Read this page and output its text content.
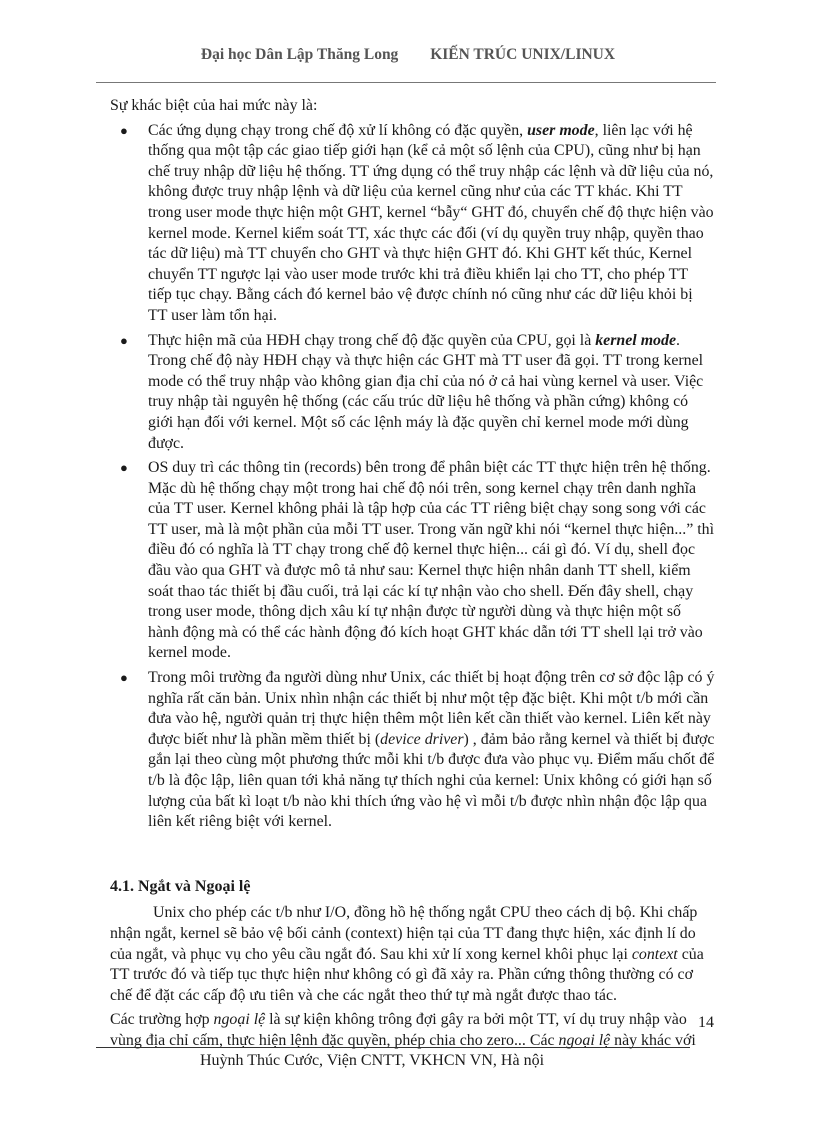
Đại học Dân Lập Thăng Long KIẾN TRÚC UNIX/LINUX

Sự khác biệt của hai mức này là:

● Các ứng dụng chạy trong chế độ xử lí không có đặc quyền, user mode, liên lạc với hệ thống qua một tập các giao tiếp giới hạn (kể cả một số lệnh của CPU), cũng như bị hạn chế truy nhập dữ liệu hệ thống. TT ứng dụng có thể truy nhập các lệnh và dữ liệu của nó, không được truy nhập lệnh và dữ liệu của kernel cũng như của các TT khác. Khi TT trong user mode thực hiện một GHT, kernel “bẫy“ GHT đó, chuyển chế độ thực hiện vào kernel mode. Kernel kiểm soát TT, xác thực các đối (ví dụ quyền truy nhập, quyền thao tác dữ liệu) mà TT chuyển cho GHT và thực hiện GHT đó. Khi GHT kết thúc, Kernel chuyển TT ngược lại vào user mode trước khi trả điều khiển lại cho TT, cho phép TT tiếp tục chạy. Bằng cách đó kernel bảo vệ được chính nó cũng như các dữ liệu khỏi bị TT user làm tổn hại.
● Thực hiện mã của HĐH chạy trong chế độ đặc quyền của CPU, gọi là kernel mode. Trong chế độ này HĐH chạy và thực hiện các GHT mà TT user đã gọi. TT trong kernel mode có thể truy nhập vào không gian địa chỉ của nó ở cả hai vùng kernel và user. Việc truy nhập tài nguyên hệ thống (các cấu trúc dữ liệu hê thống và phần cứng) không có giới hạn đối với kernel. Một số các lệnh máy là đặc quyền chỉ kernel mode mới dùng được.
● OS duy trì các thông tin (records) bên trong để phân biệt các TT thực hiện trên hệ thống. Mặc dù hệ thống chạy một trong hai chế độ nói trên, song kernel chạy trên danh nghĩa của TT user. Kernel không phải là tập hợp của các TT riêng biệt chạy song song với các TT user, mà là một phần của mỗi TT user. Trong văn ngữ khi nói “kernel thực hiện...” thì điều đó có nghĩa là TT chạy trong chế độ kernel thực hiện... cái gì đó. Ví dụ, shell đọc đầu vào qua GHT và được mô tả như sau: Kernel thực hiện nhân danh TT shell, kiểm soát thao tác thiết bị đầu cuối, trả lại các kí tự nhận vào cho shell. Đến đây shell, chạy trong user mode, thông dịch xâu kí tự nhận được từ người dùng và thực hiện một số hành động mà có thể các hành động đó kích hoạt GHT khác dẫn tới TT shell lại trở vào kernel mode.
● Trong môi trường đa người dùng như Unix, các thiết bị hoạt động trên cơ sở độc lập có ý nghĩa rất căn bản. Unix nhìn nhận các thiết bị như một tệp đặc biệt. Khi một t/b mới cần đưa vào hệ, người quản trị thực hiện thêm một liên kết cần thiết vào kernel. Liên kết này được biết như là phần mềm thiết bị (device driver) , đảm bảo rằng kernel và thiết bị được gắn lại theo cùng một phương thức mỗi khi t/b được đưa vào phục vụ. Điểm mấu chốt để t/b là độc lập, liên quan tới khả năng tự thích nghi của kernel: Unix không có giới hạn số lượng của bất kì loạt t/b nào khi thích ứng vào hệ vì mỗi t/b được nhìn nhận độc lập qua liên kết riêng biệt với kernel.
4.1. Ngắt và Ngoại lệ

Unix cho phép các t/b như I/O, đồng hồ hệ thống ngắt CPU theo cách dị bộ. Khi chấp nhận ngắt, kernel sẽ bảo vệ bối cảnh (context) hiện tại của TT đang thực hiện, xác định lí do của ngắt, và phục vụ cho yêu cầu ngắt đó. Sau khi xử lí xong kernel khôi phục lại context của TT trước đó và tiếp tục thực hiện như không có gì đã xảy ra. Phần cứng thông thường có cơ chế để đặt các cấp độ ưu tiên và che các ngắt theo thứ tự mà ngắt được thao tác.

Các trường hợp ngoại lệ là sự kiện không trông đợi gây ra bởi một TT, ví dụ truy nhập vào vùng địa chỉ cấm, thực hiện lệnh đặc quyền, phép chia cho zero... Các ngoại lệ này khác với

14
Huỳnh Thúc Cước, Viện CNTT, VKHCN VN, Hà nội
